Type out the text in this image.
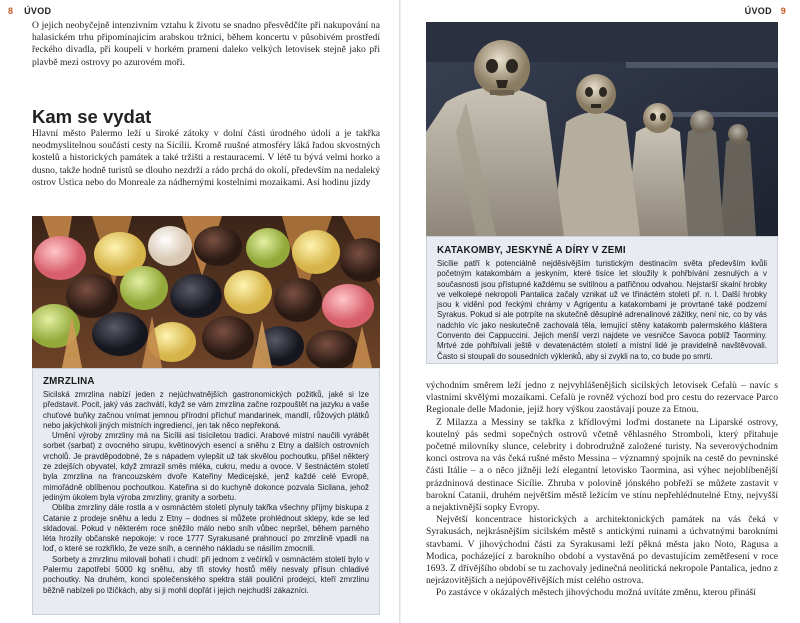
8 ÚVOD

O jejich neobyčejně intenzivním vztahu k životu se snadno přesvědčíte při nakupování na halasickém trhu připomínajícím arabskou tržnici, během koncertu v působivém prostředí řeckého divadla, při koupeli v horkém prameni daleko velkých letovisek stejně jako při plavbě mezi ostrovy po azurovém moři.

Kam se vydat

Hlavní město Palermo leží u široké zátoky v dolní části úrodného údolí a je takřka neodmyslitelnou součástí cesty na Sicílii. Kromě ruušné atmosféry láká řadou skvostných kostelů a historických památek a také tržišti a restauracemi. V létě tu bývá velmi horko a dusno, takže hodně turistů se dlouho nezdrží a rádo prchá do okolí, především na nedaleký ostrov Ustica nebo do Monreale za nádhernými kostelními mozaikami. Asi hodinu jízdy

ZMRZLINA

Sicilská zmrzlina nabízí jeden z nejúchvatnějších gastronomických požitků, jaké si lze představit. Pocit, jaký vás zachvátí, když se vám zmrzlina začne rozpouštět na jazyku a vaše chuťové buňky začnou vnímat jemnou přírodní příchuť mandarinek, mandlí, růžových plátků nebo jakýchkoli jiných místních ingrediencí, jen tak něco nepřekoná.

Umění výroby zmrzliny má na Sicílii asi tisíciletou tradici. Arabové místní naučili vyrábět sorbet (sarbat) z ovocného sirupu, květinových esencí a sněhu z Etny a dalších ostrovních vrcholů. Je pravděpodobné, že s nápadem vylepšit už tak skvělou pochoutku, přišel některý ze zdejších obyvatel, když zmrazil směs mléka, cukru, medu a ovoce. V šestnáctém století byla zmrzlina na francouzském dvoře Kateřiny Medicejské, jenž každé celé Evropě, mimořádně oblíbenou pochoutkou. Kateřina si do kuchyně dokonce pozvala Sicilana, jehož jediným úkolem byla výroba zmrzliny, granity a sorbetu.

Obliba zmrzliny dále rostla a v osmnáctém století plynuly takřka všechny příjmy biskupa z Catanie z prodeje sněhu a ledu z Etny – dodnes si můžete prohlédnout sklepy, kde se led skladoval. Pokud v některém roce sněžilo málo nebo sníh vůbec nepršel, během parného léta hrozily občanské nepokoje: v roce 1777 Syrakusané prahnoucí po zmrzlině vpadli na loď, o které se rozkřiklo, že veze sníh, a cenného nákladu se násilím zmocnili.

Sorbety a zmrzlinu milovali bohatí i chudí: při jednom z večírků v osmnáctém století bylo v Palermu zapotřebí 5000 kg sněhu, aby tři stovky hostů měly nesvaly přísun chladivé pochoutky. Na druhém, konci společenského spektra stáli pouliční prodejci, kteří zmrzlinu běžně nabízeli po lžičkách, aby si ji mohli dopřát i jejich nejchudší zákazníci.

ÚVOD 9
KATAKOMBY, JESKYNĚ A DÍRY V ZEMI

Sicílie patří k potenciálně nejděsivějším turistickým destinacím světa především kvůli početným katakombám a jeskyním, které tisíce let sloužily k pohřbívání zesnulých a v současnosti jsou přístupné každému se svitilnou a patřičnou odvahou. Nejstarší skalní hrobky ve velkolepé nekropoli Pantalica začaly vznikat už ve třináctém století př. n. l. Další hrobky jsou k vidění pod řeckými chrámy v Agrigentu a katakombami je provrtané také podzemí Syrakus. Pokud si ale potrpíte na skutečně děsuplné adrenalinové zážitky, není nic, co by vás nadchlo víc jako neskutečně zachovalá těla, lemující stěny katakomb palermského kláštera Convento dei Cappuccini. Jejich menší verzi najdete ve vesničce Savoca poblíž Taorminy. Mrtvé zde pohřbívali ještě v devatenáctém století a místní lidé je pravidelně navštěvovali. Často si stoupali do sousedních výklenků, aby si zvykli na to, co bude po smrti.

východním směrem leží jedno z nejvyhlášenějších sicilských letovisek Cefalù – navíc s vlastními skvělými mozaikami. Cefalù je rovněž výchozí bod pro cestu do rezervace Parco Regionale delle Madonie, jejíž hory výškou zaostávají pouze za Etnou.

Z Milazza a Messiny se takřka z křídlovými loďmi dostanete na Liparské ostrovy, koutelný pás sedmi sopečných ostrovů včetně věhlasného Stromboli, který přitahuje početné milovníky slunce, celebrity i dobrodružně založené turisty. Na severovýchodním konci ostrova na vás čeká rušné město Messina – významný spojník na cestě do pevninské části Itálie – a o něco jižněji leží elegantní letovisko Taormina, asi výhec nejoblíbenější prázdninová destinace Sicílie. Zhruba v polovině jónského pobřeží se můžete zastavit v barokní Catanii, druhém největším městě ležícím ve stínu nepřehlédnutelné Etny, nejvyšší a nejaktivnější sopky Evropy.

Největší koncentrace historických a architektonických památek na vás čeká v Syrakusách, nejkrásnějším sicilském městě s antickými ruinami a úchvatnými barokními stavbami. V jihovýchodní části za Syrakusami leží pěkná města jako Noto, Ragusa a Modica, pocházející z barokního období a vystavěná po devastujícím zemětřesení v roce 1693. Z dřívějšího období se tu zachovaly jedinečná neolitická nekropole Pantalica, jedno z nejrázovitějších a nejúpověřivějších míst celého ostrova.

Po zastávce v okázalých městech jihovýchodu možná uvítáte změnu, kterou přináší
